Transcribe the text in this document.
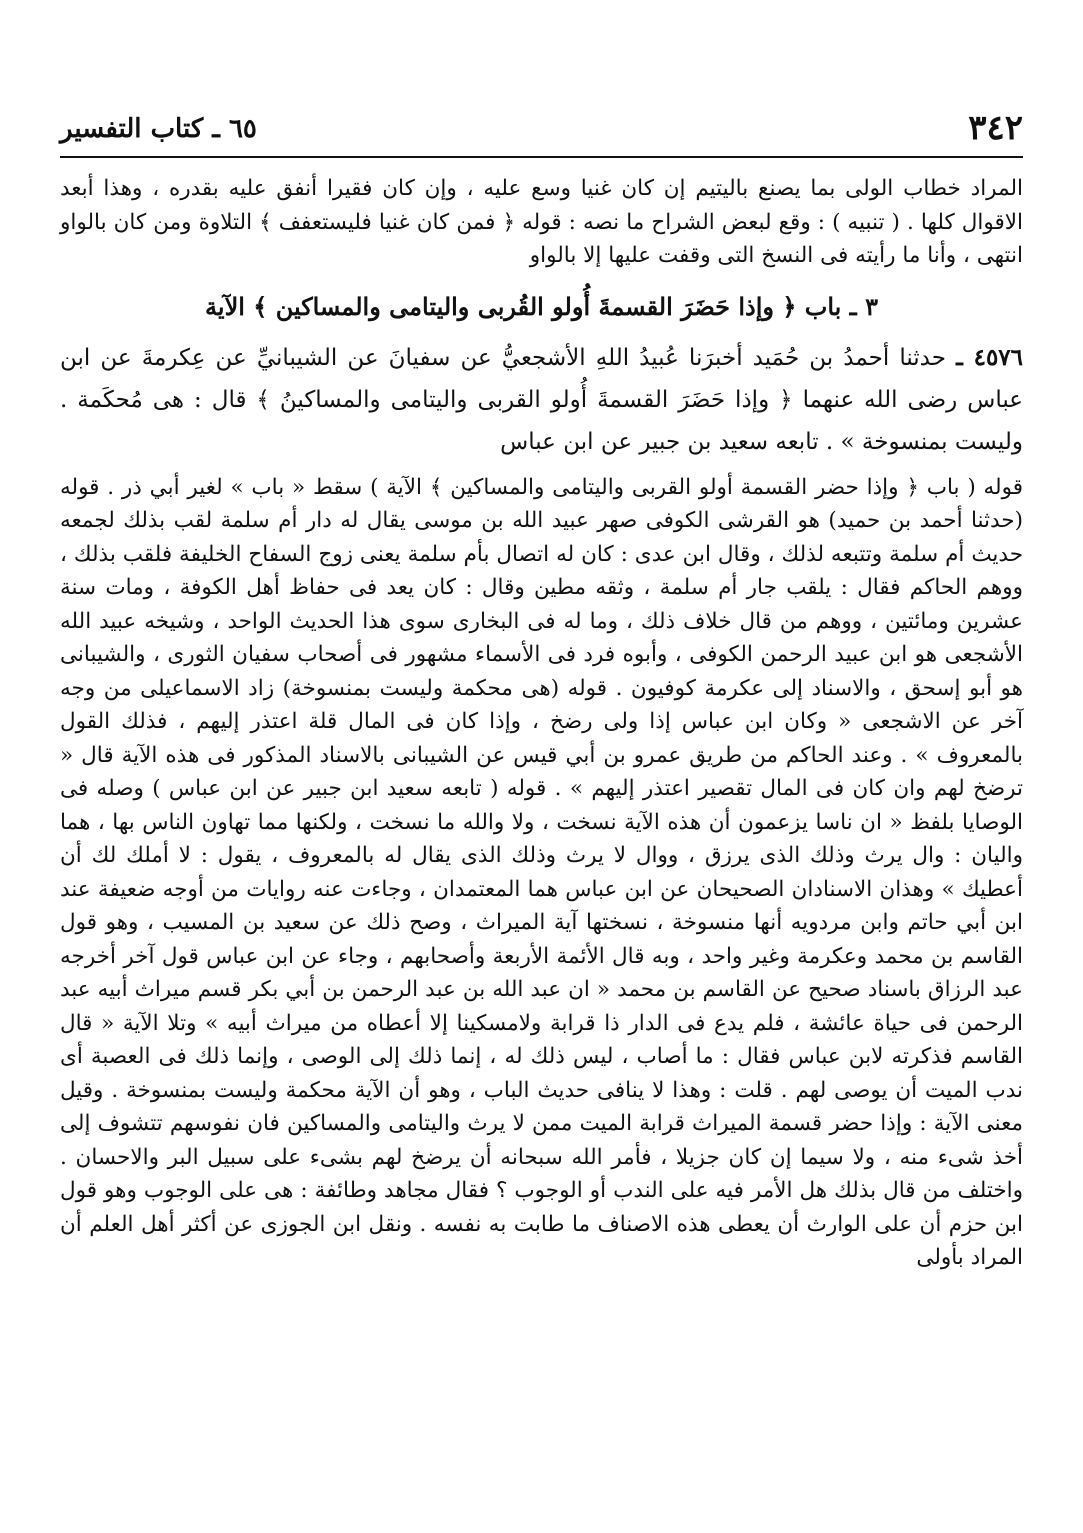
٣٤٢
٦٥ ـ كتاب التفسير

المراد خطاب الولى بما يصنع باليتيم إن كان غنيا وسع عليه ، وإن كان فقيرا أنفق عليه بقدره ، وهذا أبعد الاقوال كلها . ( تنبيه ) : وقع لبعض الشراح ما نصه : قوله ﴿ فمن كان غنيا فليستعفف ﴾ التلاوة ومن كان بالواو انتهى ، وأنا ما رأيته فى النسخ التى وقفت عليها إلا بالواو

٣ ـ باب ﴿ وإذا حَضَرَ القسمةَ أُولو القُربى واليتامى والمساكين ﴾ الآية

٤٥٧٦ ـ حدثنا أحمدُ بن حُمَيد أخبرَنا عُبيدُ اللهِ الأشجعيُّ عن سفيانَ عن الشيبانيِّ عن عِكرمةَ عن ابن عباس رضى الله عنهما ﴿ وإذا حَضَرَ القسمةَ أُولو القربى واليتامى والمساكينُ ﴾ قال : هى مُحكَمة . وليست بمنسوخة » . تابعه سعيد بن جبير عن ابن عباس

قوله ( باب ﴿ وإذا حضر القسمة أولو القربى واليتامى والمساكين ﴾ الآية ) سقط « باب » لغير أبي ذر . قوله (حدثنا أحمد بن حميد) هو القرشى الكوفى صهر عبيد الله بن موسى يقال له دار أم سلمة لقب بذلك لجمعه حديث أم سلمة وتتبعه لذلك ، وقال ابن عدى : كان له اتصال بأم سلمة يعنى زوج السفاح الخليفة فلقب بذلك ، ووهم الحاكم فقال : يلقب جار أم سلمة ، وثقه مطين وقال : كان يعد فى حفاظ أهل الكوفة ، ومات سنة عشرين ومائتين ، ووهم من قال خلاف ذلك ، وما له فى البخارى سوى هذا الحديث الواحد ، وشيخه عبيد الله الأشجعى هو ابن عبيد الرحمن الكوفى ، وأبوه فرد فى الأسماء مشهور فى أصحاب سفيان الثورى ، والشيبانى هو أبو إسحق ، والاسناد إلى عكرمة كوفيون . قوله (هى محكمة وليست بمنسوخة) زاد الاسماعيلى من وجه آخر عن الاشجعى « وكان ابن عباس إذا ولى رضخ ، وإذا كان فى المال قلة اعتذر إليهم ، فذلك القول بالمعروف » . وعند الحاكم من طريق عمرو بن أبي قيس عن الشيبانى بالاسناد المذكور فى هذه الآية قال « ترضخ لهم وان كان فى المال تقصير اعتذر إليهم » . قوله ( تابعه سعيد ابن جبير عن ابن عباس ) وصله فى الوصايا بلفظ « ان ناسا يزعمون أن هذه الآية نسخت ، ولا والله ما نسخت ، ولكنها مما تهاون الناس بها ، هما واليان : وال يرث وذلك الذى يرزق ، ووال لا يرث وذلك الذى يقال له بالمعروف ، يقول : لا أملك لك أن أعطيك » وهذان الاسنادان الصحيحان عن ابن عباس هما المعتمدان ، وجاءت عنه روايات من أوجه ضعيفة عند ابن أبي حاتم وابن مردويه أنها منسوخة ، نسختها آية الميراث ، وصح ذلك عن سعيد بن المسيب ، وهو قول القاسم بن محمد وعكرمة وغير واحد ، وبه قال الأئمة الأربعة وأصحابهم ، وجاء عن ابن عباس قول آخر أخرجه عبد الرزاق باسناد صحيح عن القاسم بن محمد « ان عبد الله بن عبد الرحمن بن أبي بكر قسم ميراث أبيه عبد الرحمن فى حياة عائشة ، فلم يدع فى الدار ذا قرابة ولامسكينا إلا أعطاه من ميراث أبيه » وتلا الآية « قال القاسم فذكرته لابن عباس فقال : ما أصاب ، ليس ذلك له ، إنما ذلك إلى الوصى ، وإنما ذلك فى العصبة أى ندب الميت أن يوصى لهم . قلت : وهذا لا ينافى حديث الباب ، وهو أن الآية محكمة وليست بمنسوخة . وقيل معنى الآية : وإذا حضر قسمة الميراث قرابة الميت ممن لا يرث واليتامى والمساكين فان نفوسهم تتشوف إلى أخذ شىء منه ، ولا سيما إن كان جزيلا ، فأمر الله سبحانه أن يرضخ لهم بشىء على سبيل البر والاحسان . واختلف من قال بذلك هل الأمر فيه على الندب أو الوجوب ؟ فقال مجاهد وطائفة : هى على الوجوب وهو قول ابن حزم أن على الوارث أن يعطى هذه الاصناف ما طابت به نفسه . ونقل ابن الجوزى عن أكثر أهل العلم أن المراد بأولى
